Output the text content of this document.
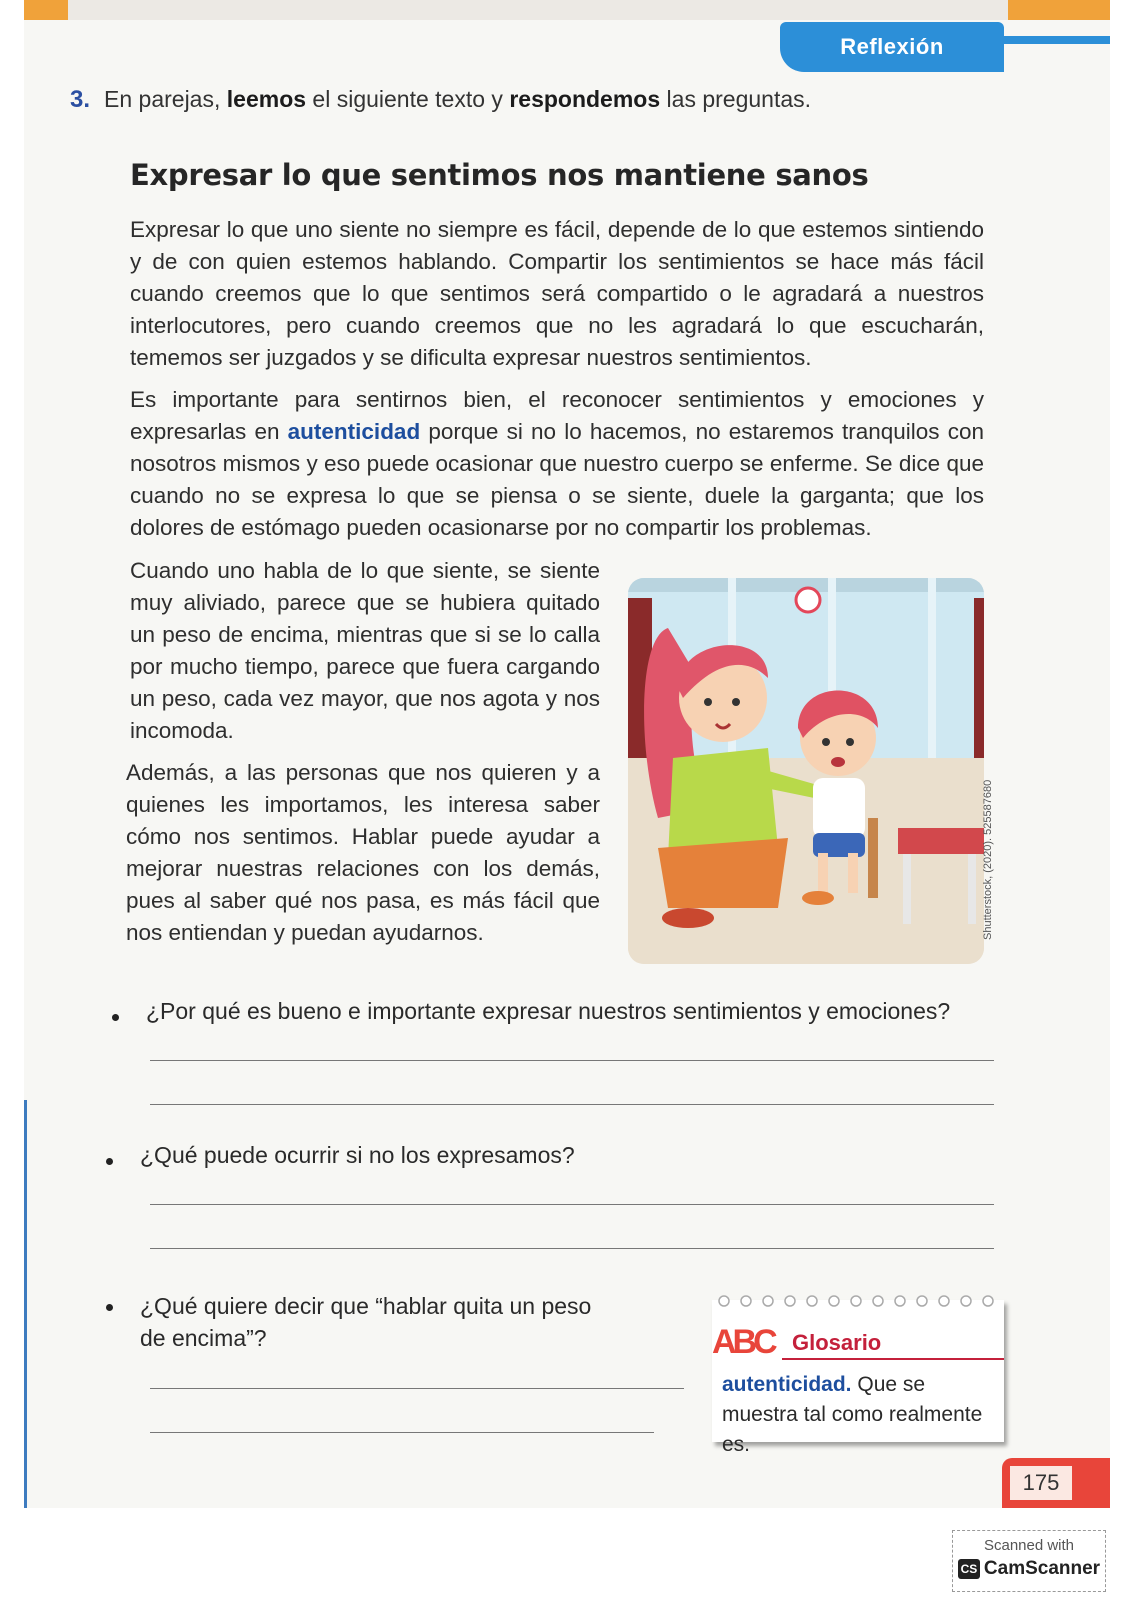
Reflexión
3. En parejas, leemos el siguiente texto y respondemos las preguntas.
Expresar lo que sentimos nos mantiene sanos
Expresar lo que uno siente no siempre es fácil, depende de lo que estemos sintiendo y de con quien estemos hablando. Compartir los sentimientos se hace más fácil cuando creemos que lo que sentimos será compartido o le agradará a nuestros interlocutores, pero cuando creemos que no les agradará lo que escucharán, tememos ser juzgados y se dificulta expresar nuestros sentimientos.
Es importante para sentirnos bien, el reconocer sentimientos y emociones y expresarlas en autenticidad porque si no lo hacemos, no estaremos tranquilos con nosotros mismos y eso puede ocasionar que nuestro cuerpo se enferme. Se dice que cuando no se expresa lo que se piensa o se siente, duele la garganta; que los dolores de estómago pueden ocasionarse por no compartir los problemas.
Cuando uno habla de lo que siente, se siente muy aliviado, parece que se hubiera quitado un peso de encima, mientras que si se lo calla por mucho tiempo, parece que fuera cargando un peso, cada vez mayor, que nos agota y nos incomoda.
Además, a las personas que nos quieren y a quienes les importamos, les interesa saber cómo nos sentimos. Hablar puede ayudar a mejorar nuestras relaciones con los demás, pues al saber qué nos pasa, es más fácil que nos entiendan y puedan ayudarnos.	Shutterstock, (2020). 525587680
¿Por qué es bueno e importante expresar nuestros sentimientos y emociones?
¿Qué puede ocurrir si no los expresamos?
¿Qué quiere decir que “hablar quita un peso de encima”?	ABC Glosario
autenticidad. Que se muestra tal como realmente es.
175
Scanned with
CS CamScanner
